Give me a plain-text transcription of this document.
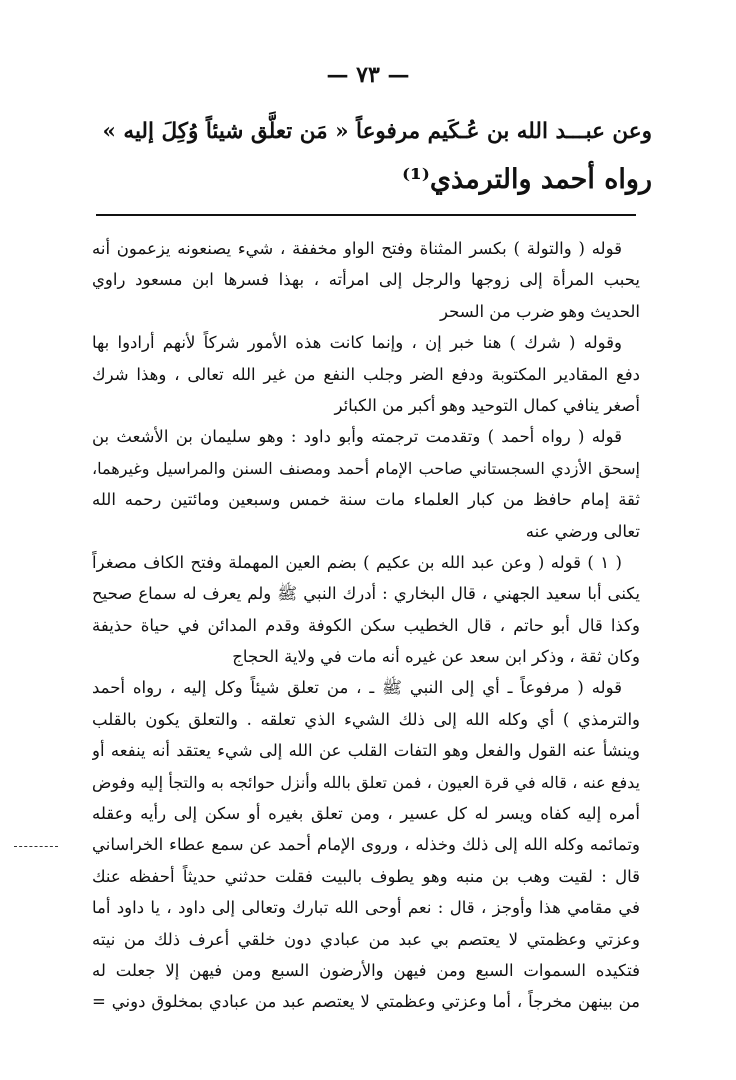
— ٧٣ —
وعن عبـــد الله بن عُـكَيم مرفوعاً « مَن تعلَّق شيئاً وُكِلَ إليه »
رواه أحمد والترمذي⁽¹⁾
قوله ( والتولة ) بكسر المثناة وفتح الواو مخففة ، شيء يصنعونه يزعمون أنه
يحبب المرأة إلى زوجها والرجل إلى امرأته ، بهذا فسرها ابن مسعود راوي
الحديث وهو ضرب من السحر
وقوله ( شرك ) هنا خبر إن ، وإنما كانت هذه الأمور شركاً لأنهم أرادوا بها
دفع المقادير المكتوبة ودفع الضر وجلب النفع من غير الله تعالى ، وهذا شرك
أصغر ينافي كمال التوحيد وهو أكبر من الكبائر
قوله ( رواه أحمد ) وتقدمت ترجمته وأبو داود : وهو سليمان بن الأشعث بن
إسحق الأزدي السجستاني صاحب الإمام أحمد ومصنف السنن والمراسيل وغيرهما،
ثقة إمام حافظ من كبار العلماء مات سنة خمس وسبعين ومائتين رحمه الله
تعالى ورضي عنه
( ١ ) قوله ( وعن عبد الله بن عكيم ) بضم العين المهملة وفتح الكاف مصغراً
يكنى أبا سعيد الجهني ، قال البخاري : أدرك النبي ﷺ ولم يعرف له سماع صحيح
وكذا قال أبو حاتم ، قال الخطيب سكن الكوفة وقدم المدائن في حياة حذيفة
وكان ثقة ، وذكر ابن سعد عن غيره أنه مات في ولاية الحجاج
قوله ( مرفوعاً ـ أي إلى النبي ﷺ ـ ، من تعلق شيئاً وكل إليه ، رواه أحمد
والترمذي ) أي وكله الله إلى ذلك الشيء الذي تعلقه . والتعلق يكون بالقلب
وينشأ عنه القول والفعل وهو التفات القلب عن الله إلى شيء يعتقد أنه ينفعه أو
يدفع عنه ، قاله في قرة العيون ، فمن تعلق بالله وأنزل حوائجه به والتجأ إليه وفوض
أمره إليه كفاه ويسر له كل عسير ، ومن تعلق بغيره أو سكن إلى رأيه وعقله
وتمائمه وكله الله إلى ذلك وخذله ، وروى الإمام أحمد عن سمع عطاء الخراساني
قال : لقيت وهب بن منبه وهو يطوف بالبيت فقلت حدثني حديثاً أحفظه عنك
في مقامي هذا وأوجز ، قال : نعم أوحى الله تبارك وتعالى إلى داود ، يا داود أما
وعزتي وعظمتي لا يعتصم بي عبد من عبادي دون خلقي أعرف ذلك من نيته
فتكيده السموات السبع ومن فيهن والأرضون السبع ومن فيهن إلا جعلت له
من بينهن مخرجاً ، أما وعزتي وعظمتي لا يعتصم عبد من عبادي بمخلوق دوني =
